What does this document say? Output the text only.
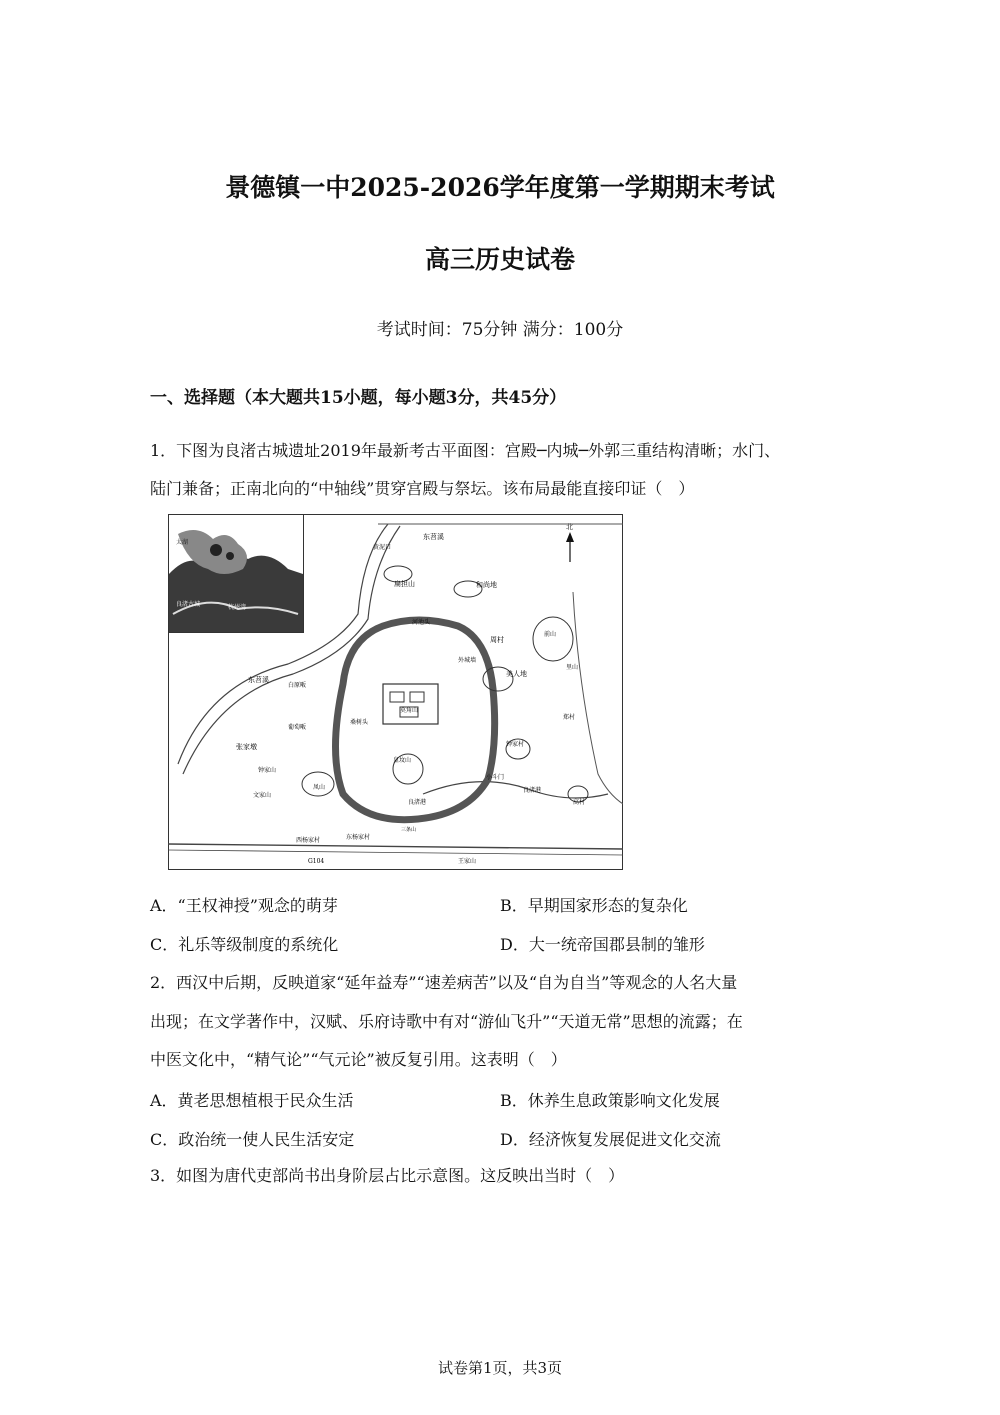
景德镇一中2025-2026学年度第一学期期末考试
高三历史试卷
考试时间：75分钟 满分：100分
一、选择题（本大题共15小题，每小题3分，共45分）
1．下图为良渚古城遗址2019年最新考古平面图：宫殿─内城─外郭三重结构清晰；水门、
陆门兼备；正南北向的“中轴线”贯穿宫殿与祭坛。该布局最能直接印证（　）
杭州湾
良渚古城
太湖
北
东苕溪
东苕溪
扁担山	和尚地
河池头
周村
美人地
前山
白原畈
葡萄畈
莫角山
桑树头
皇坟山
张家墩
钟家山
文家山
凤山
钟家村
小斗门
良渚港
良渚港
三条山
西杨家村	东杨家村
G104	王家山
外城墙
里山
郑村
高村
黄泥口
A．“王权神授”观念的萌芽	B．早期国家形态的复杂化
C．礼乐等级制度的系统化	D．大一统帝国郡县制的雏形
2．西汉中后期，反映道家“延年益寿”“速差病苦”以及“自为自当”等观念的人名大量
出现；在文学著作中，汉赋、乐府诗歌中有对“游仙飞升”“天道无常”思想的流露；在
中医文化中，“精气论”“气元论”被反复引用。这表明（　）
A．黄老思想植根于民众生活	B．休养生息政策影响文化发展
C．政治统一使人民生活安定	D．经济恢复发展促进文化交流
3．如图为唐代吏部尚书出身阶层占比示意图。这反映出当时（　）
试卷第1页，共3页
